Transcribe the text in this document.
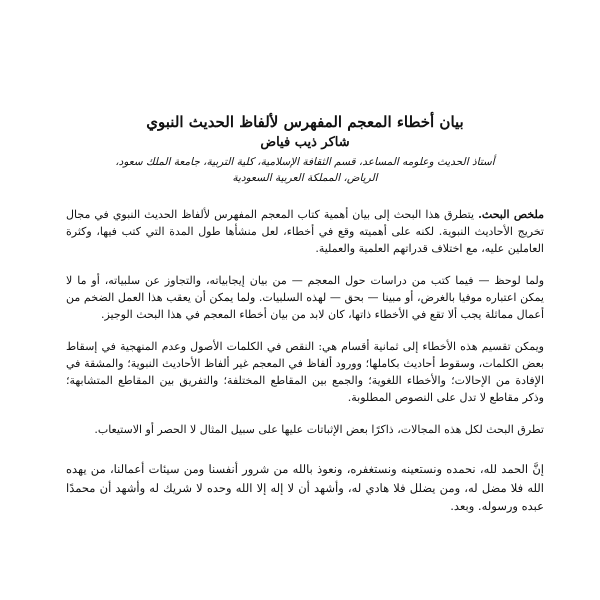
بيان أخطاء المعجم المفهرس لألفاظ الحديث النبوي

شاكر ذيب فياض

أستاذ الحديث وعلومه المساعد، قسم الثقافة الإسلامية، كلية التربية، جامعة الملك سعود،

الرياض، المملكة العربية السعودية

ملخص البحث. يتطرق هذا البحث إلى بيان أهمية كتاب المعجم المفهرس لألفاظ الحديث النبوي في مجال تخريج الأحاديث النبوية. لكنه على أهميته وقع في أخطاء، لعل منشأها طول المدة التي كتب فيها، وكثرة العاملين عليه، مع اختلاف قدراتهم العلمية والعملية.

ولما لوحظ — فيما كتب من دراسات حول المعجم — من بيان إيجابياته، والتجاوز عن سلبياته، أو ما لا يمكن اعتباره موفيا بالغرض، أو مبينا — بحق — لهذه السلبيات. ولما يمكن أن يعقب هذا العمل الضخم من أعمال مماثلة يجب ألا تقع في الأخطاء ذاتها، كان لابد من بيان أخطاء المعجم في هذا البحث الوجيز.

ويمكن تقسيم هذه الأخطاء إلى ثمانية أقسام هي: النقص في الكلمات الأصول وعدم المنهجية في إسقاط بعض الكلمات، وسقوط أحاديث بكاملها؛ وورود ألفاظ في المعجم غير ألفاظ الأحاديث النبوية؛ والمشقة في الإفادة من الإحالات؛ والأخطاء اللغوية؛ والجمع بين المقاطع المختلفة؛ والتفريق بين المقاطع المتشابهة؛ وذكر مقاطع لا تدل على النصوص المطلوبة.

تطرق البحث لكل هذه المجالات، ذاكرًا بعض الإثباتات عليها على سبيل المثال لا الحصر أو الاستيعاب.

إنَّ الحمد لله، نحمده ونستعينه ونستغفره، ونعوذ بالله من شرور أنفسنا ومن سيئات أعمالنا، من يهده الله فلا مضل له، ومن يضلل فلا هادي له، وأشهد أن لا إله إلا الله وحده لا شريك له وأشهد أن محمدًا عبده ورسوله. وبعد.
